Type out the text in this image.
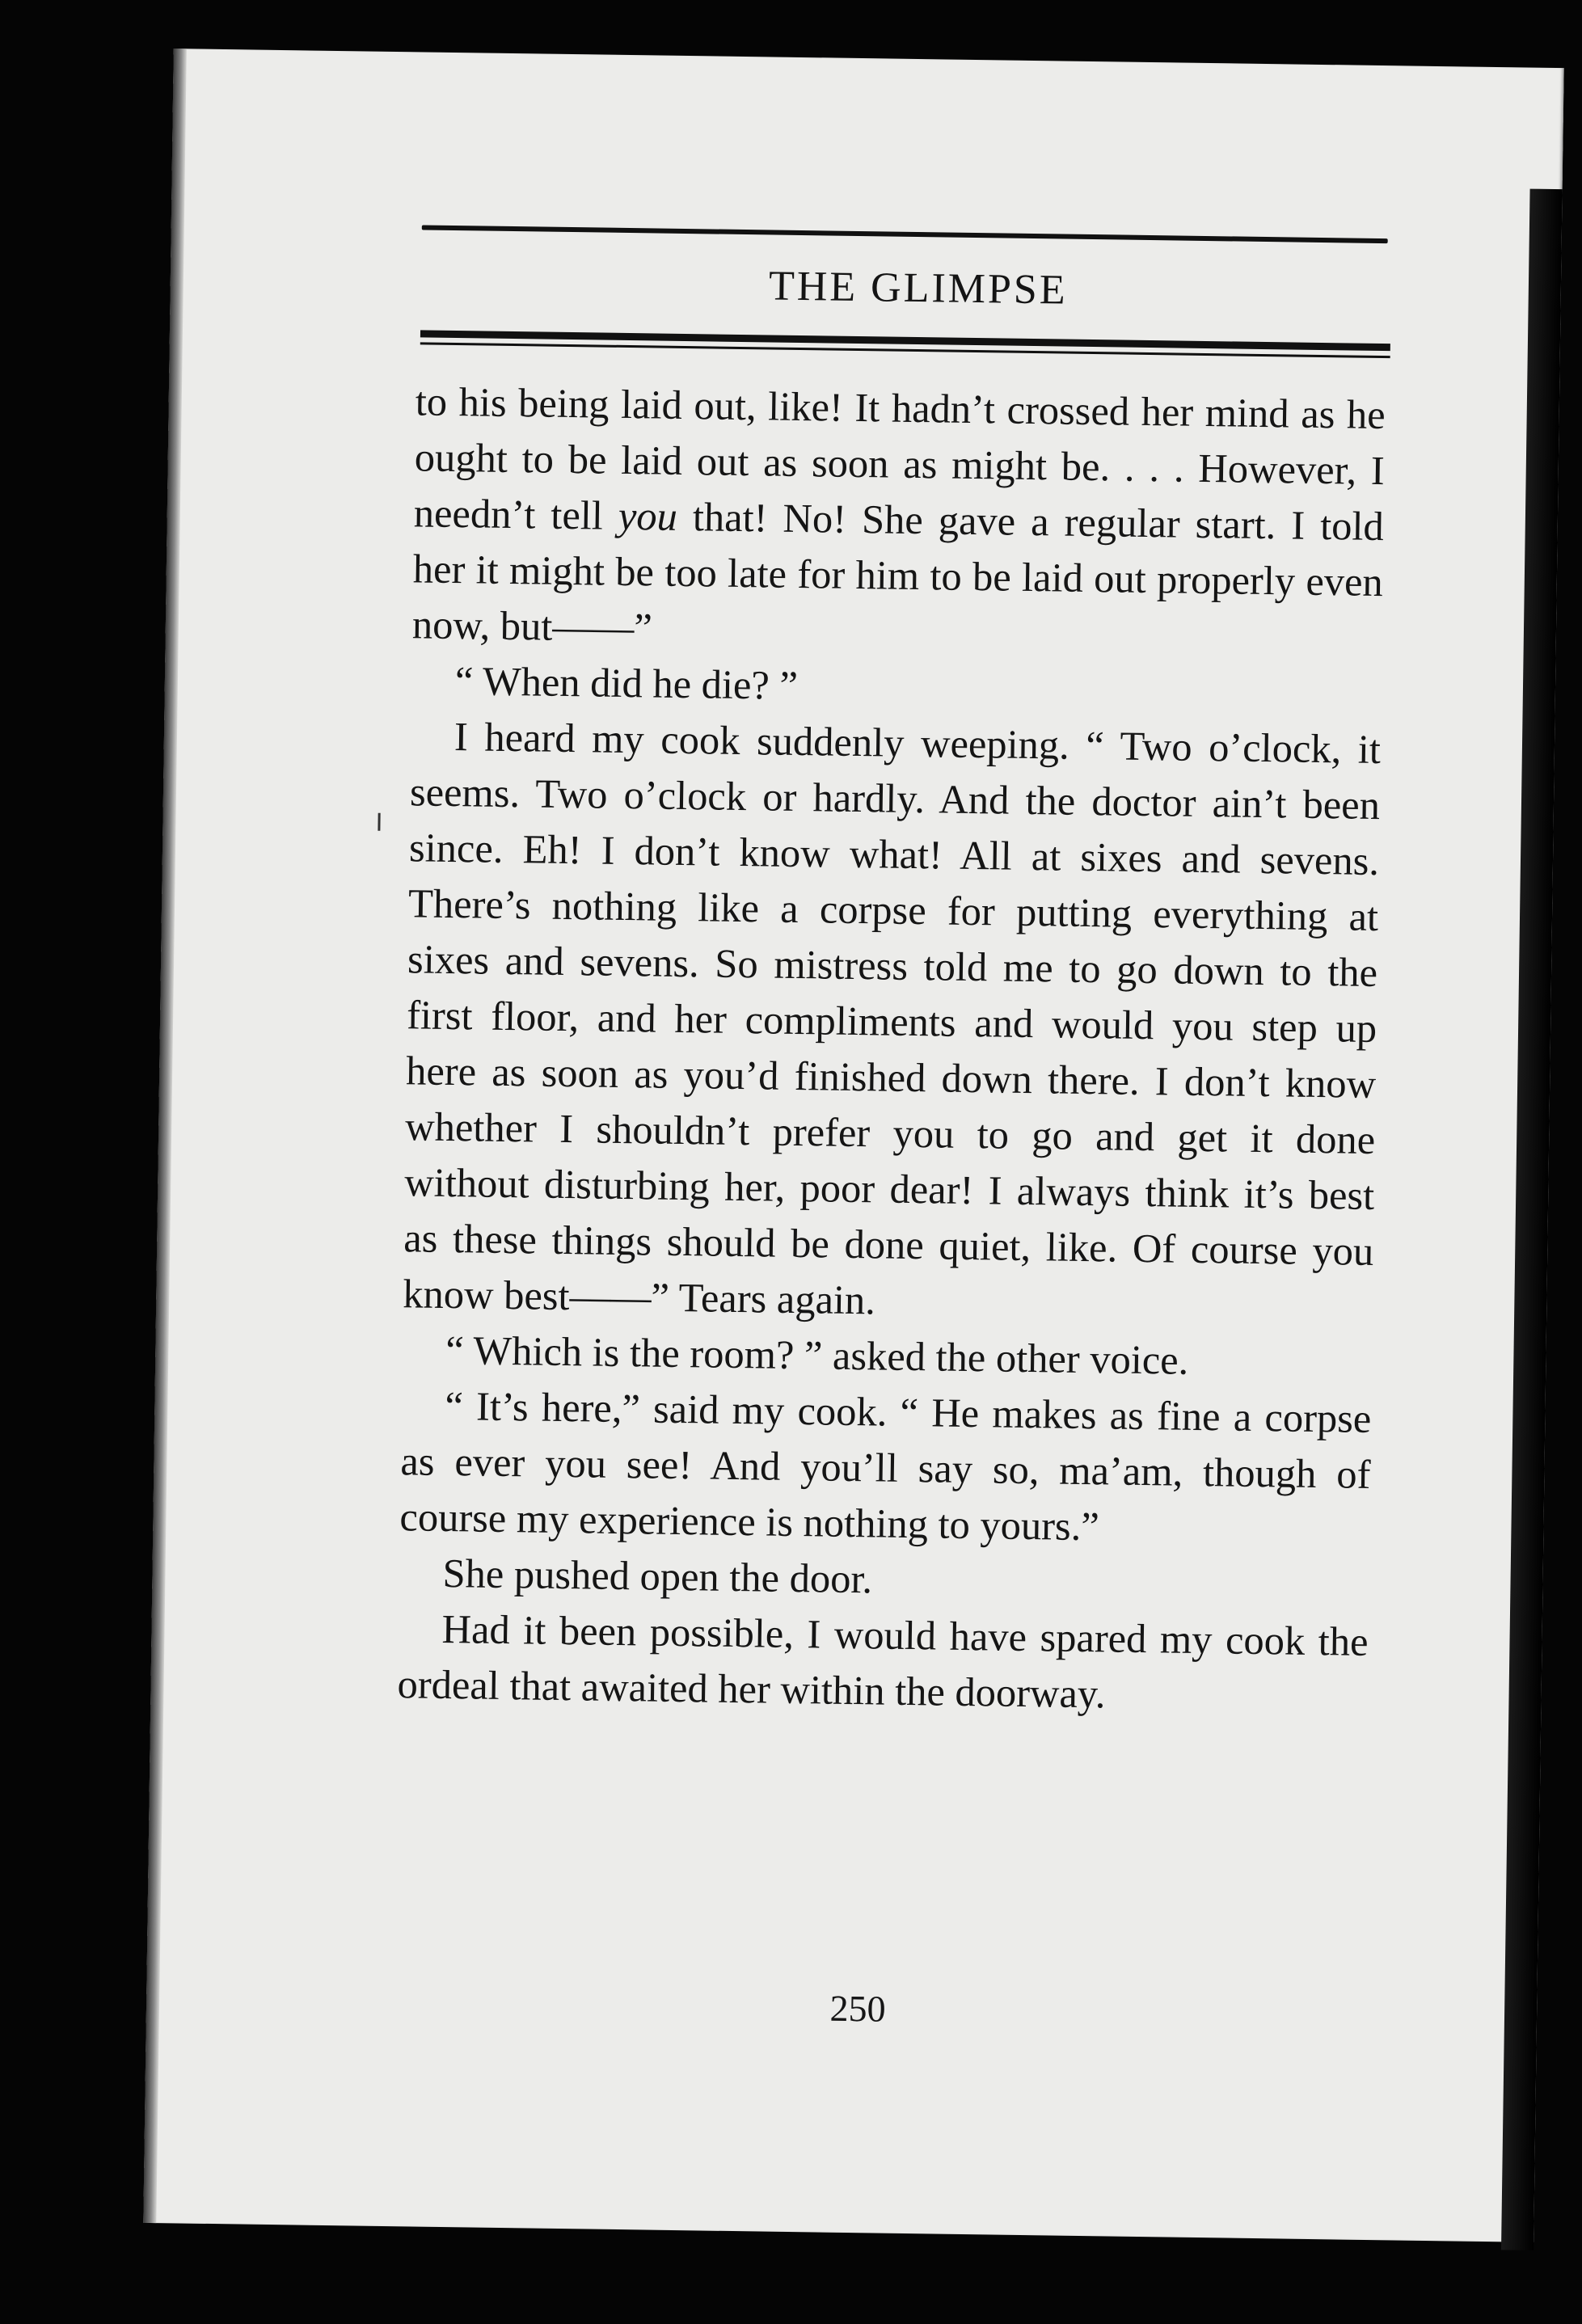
THE GLIMPSE

to his being laid out, like! It hadn’t crossed her mind as he ought to be laid out as soon as might be. . . . However, I needn’t tell you that! No! She gave a regular start. I told her it might be too late for him to be laid out properly even now, but——”

“ When did he die? ”

I heard my cook suddenly weeping. “ Two o’clock, it seems. Two o’clock or hardly. And the doctor ain’t been since. Eh! I don’t know what! All at sixes and sevens. There’s nothing like a corpse for putting everything at sixes and sevens. So mistress told me to go down to the first floor, and her compliments and would you step up here as soon as you’d finished down there. I don’t know whether I shouldn’t prefer you to go and get it done without disturbing her, poor dear! I always think it’s best as these things should be done quiet, like. Of course you know best——” Tears again.

“ Which is the room? ” asked the other voice.

“ It’s here,” said my cook. “ He makes as fine a corpse as ever you see! And you’ll say so, ma’am, though of course my experience is nothing to yours.”

She pushed open the door.

Had it been possible, I would have spared my cook the ordeal that awaited her within the doorway.

250
